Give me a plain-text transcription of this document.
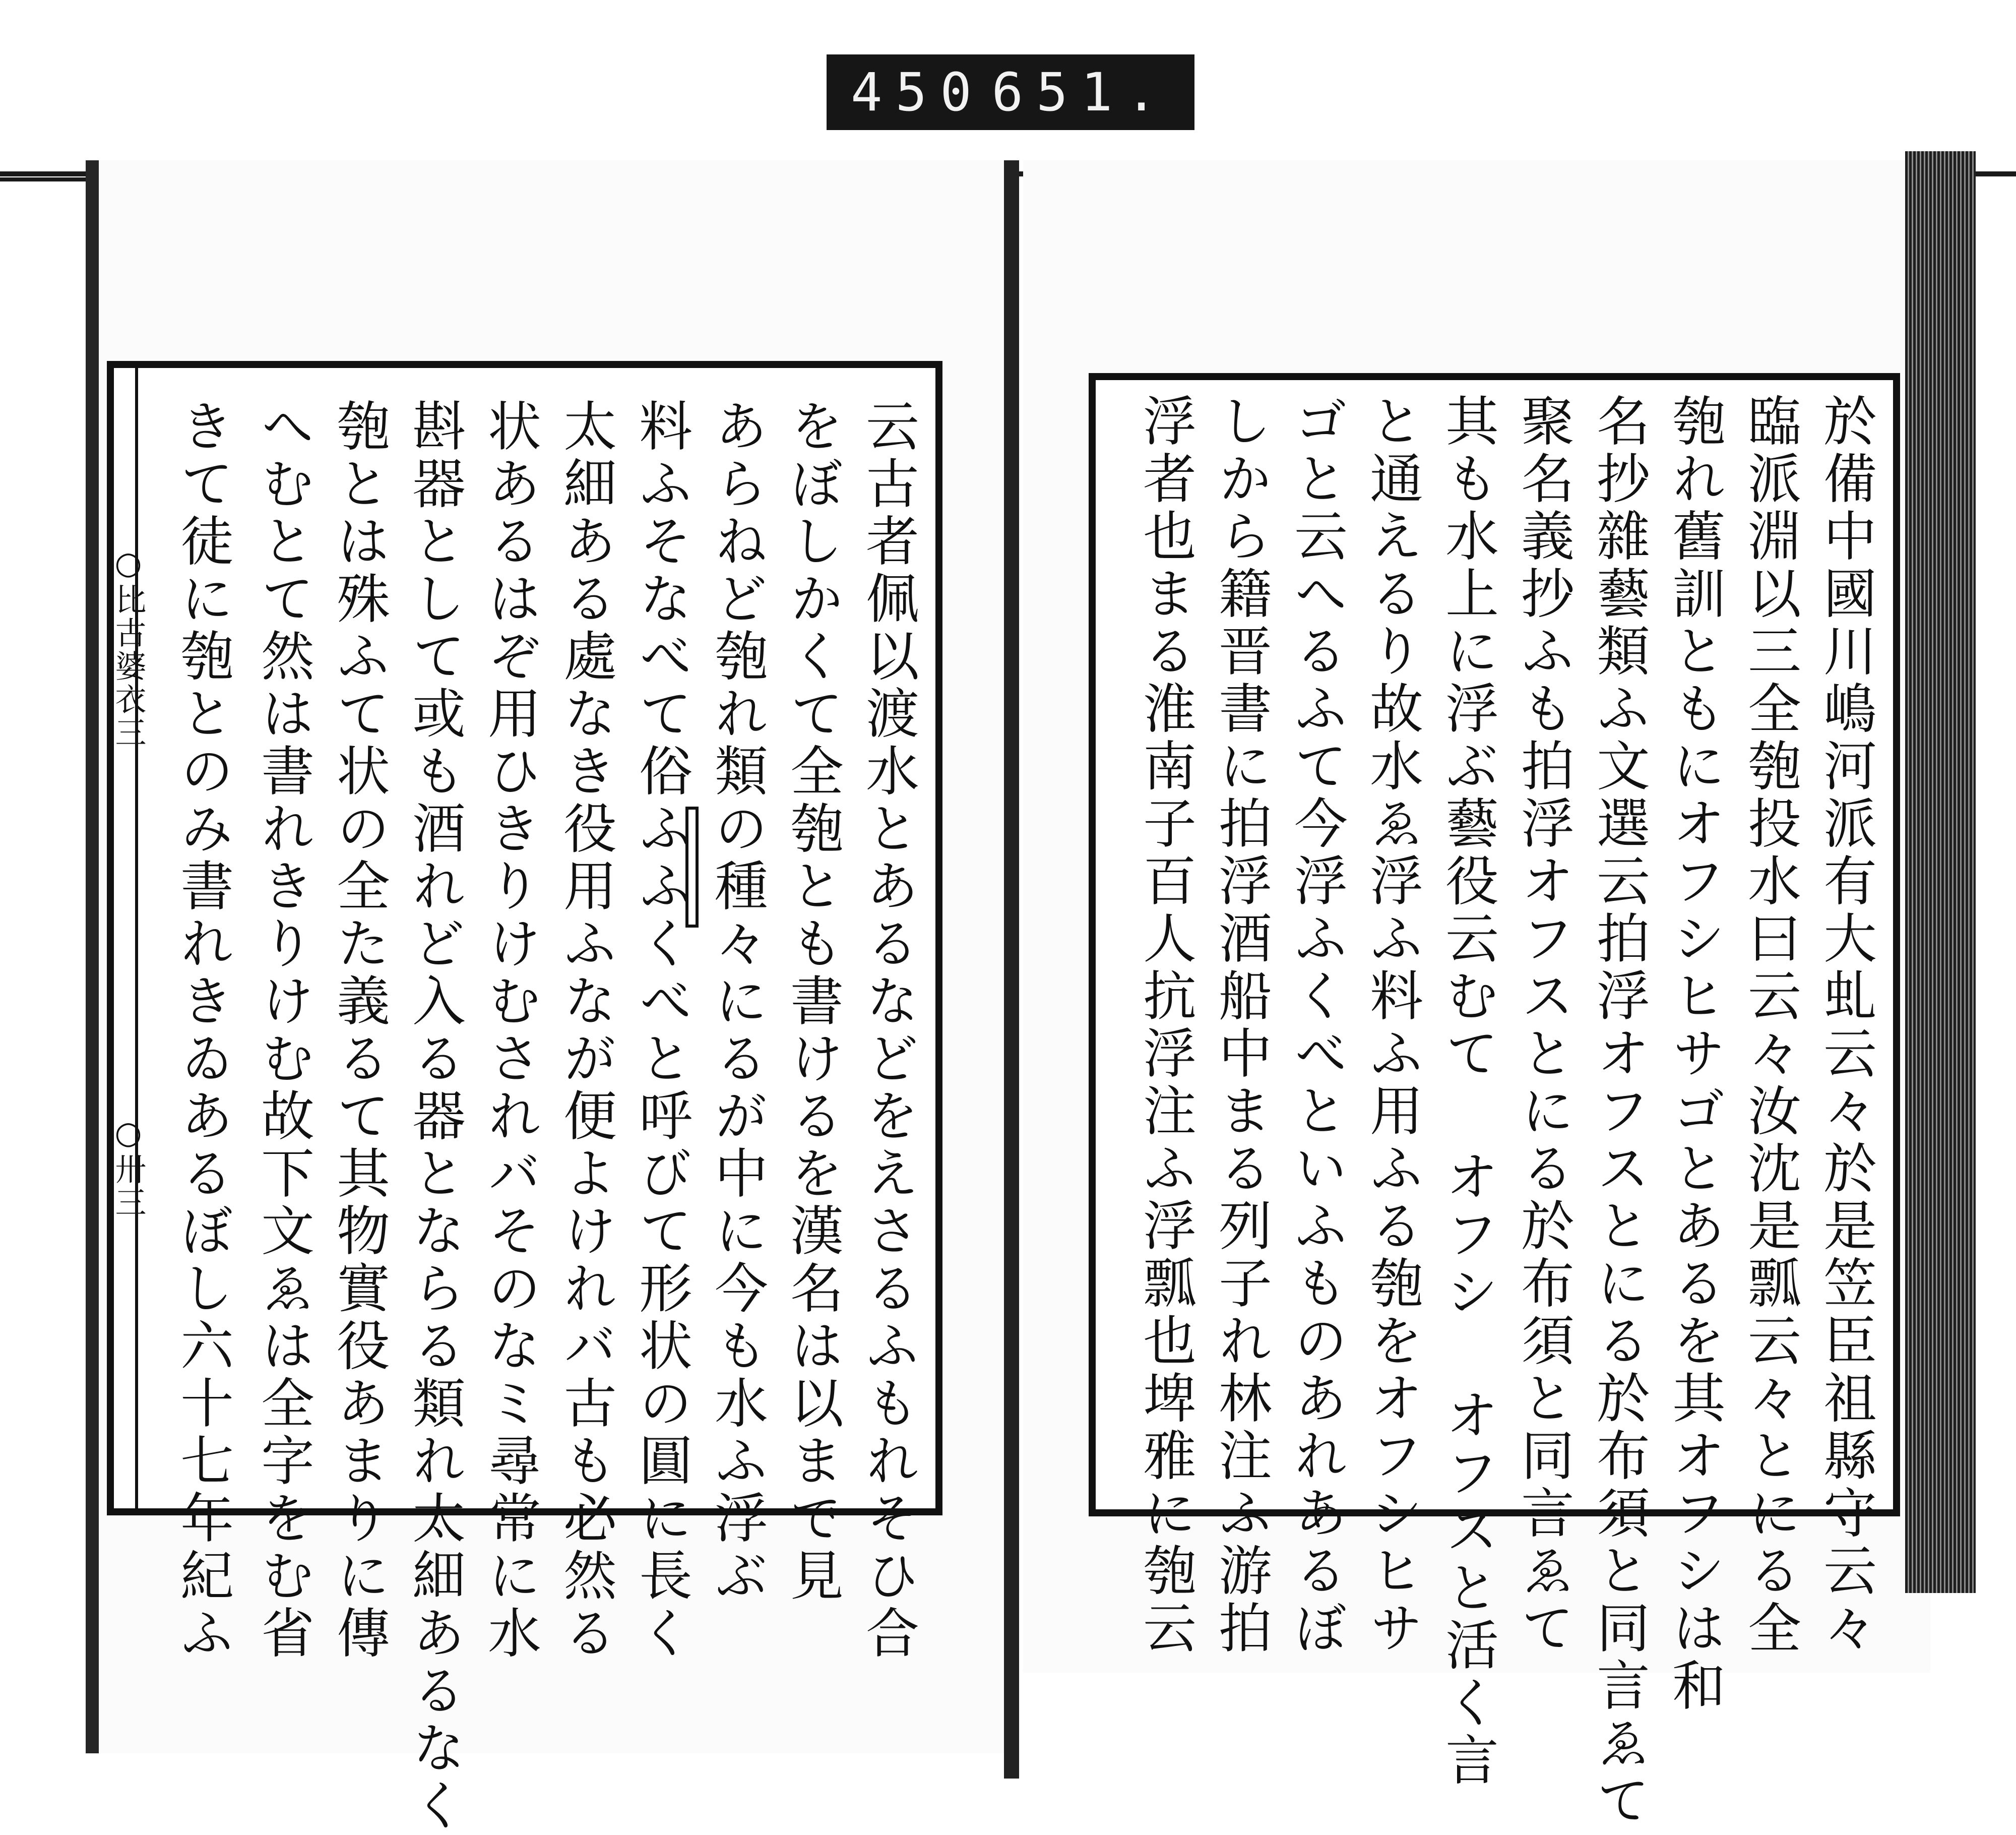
450 651.
○比古婆衣三
○卅三	云古者佩以渡水とあるなどをえさるふもれそひ合
をぼしかくて全匏とも書けるを漢名は以まで見
あらねど匏れ類の種々にるが中に今も水ふ浮ぶ
料ふそなべて俗ふふくべと呼びて形状の圓に長く
太細ある處なき役用ふなが便よけれバ古も必然る
状あるはぞ用ひきりけむされバそのなミ尋常に水
斟器として或も酒れど入る器とならる類れ太細あるなく
匏とは殊ふて状の全た義るて其物實役あまりに傳
へむとて然は書れきりけむ故下文ゑは全字をむ省
きて徒に匏とのみ書れきゐあるぼし六十七年紀ふ	於備中國川嶋河派有大虬云々於是笠臣祖縣守云々
臨派淵以三全匏投水曰云々汝沈是瓢云々とにる全
匏れ舊訓ともにオフシヒサゴとあるを其オフシは和
名抄雜藝類ふ文選云拍浮オフスとにる於布須と同言ゑて
聚名義抄ふも拍浮オフスとにる於布須と同言ゑて
其も水上に浮ぶ藝役云むて オフシ オフスと活く言
と通えるり故水ゑ浮ふ料ふ用ふる匏をオフシヒサ
ゴと云へるふて今浮ふくべといふものあれあるぼ
しから籍晋書に拍浮酒船中まる列子れ林注ふ游拍
浮者也まる淮南子百人抗浮注ふ浮瓢也埤雅に匏云
